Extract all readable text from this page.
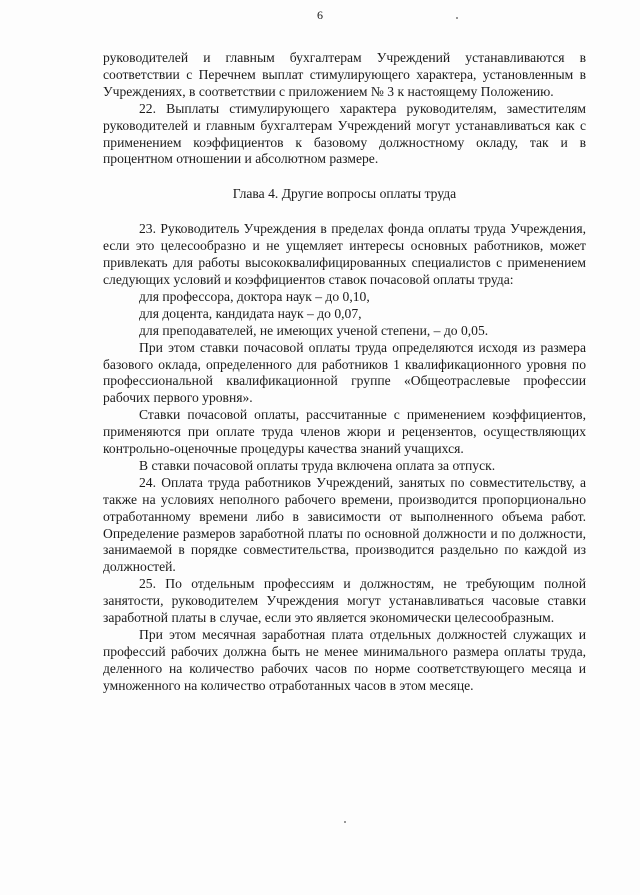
6

руководителей и главным бухгалтерам Учреждений устанавливаются в соответствии с Перечнем выплат стимулирующего характера, установленным в Учреждениях, в соответствии с приложением № 3 к настоящему Положению.

22. Выплаты стимулирующего характера руководителям, заместителям руководителей и главным бухгалтерам Учреждений могут устанавливаться как с применением коэффициентов к базовому должностному окладу, так и в процентном отношении и абсолютном размере.

Глава 4. Другие вопросы оплаты труда

23. Руководитель Учреждения в пределах фонда оплаты труда Учреждения, если это целесообразно и не ущемляет интересы основных работников, может привлекать для работы высококвалифицированных специалистов с применением следующих условий и коэффициентов ставок почасовой оплаты труда:

для профессора, доктора наук – до 0,10,

для доцента, кандидата наук – до 0,07,

для преподавателей, не имеющих ученой степени, – до 0,05.

При этом ставки почасовой оплаты труда определяются исходя из размера базового оклада, определенного для работников 1 квалификационного уровня по профессиональной квалификационной группе «Общеотраслевые профессии рабочих первого уровня».

Ставки почасовой оплаты, рассчитанные с применением коэффициентов, применяются при оплате труда членов жюри и рецензентов, осуществляющих контрольно-оценочные процедуры качества знаний учащихся.

В ставки почасовой оплаты труда включена оплата за отпуск.

24. Оплата труда работников Учреждений, занятых по совместительству, а также на условиях неполного рабочего времени, производится пропорционально отработанному времени либо в зависимости от выполненного объема работ. Определение размеров заработной платы по основной должности и по должности, занимаемой в порядке совместительства, производится раздельно по каждой из должностей.

25. По отдельным профессиям и должностям, не требующим полной занятости, руководителем Учреждения могут устанавливаться часовые ставки заработной платы в случае, если это является экономически целесообразным.

При этом месячная заработная плата отдельных должностей служащих и профессий рабочих должна быть не менее минимального размера оплаты труда, деленного на количество рабочих часов по норме соответствующего месяца и умноженного на количество отработанных часов в этом месяце.
